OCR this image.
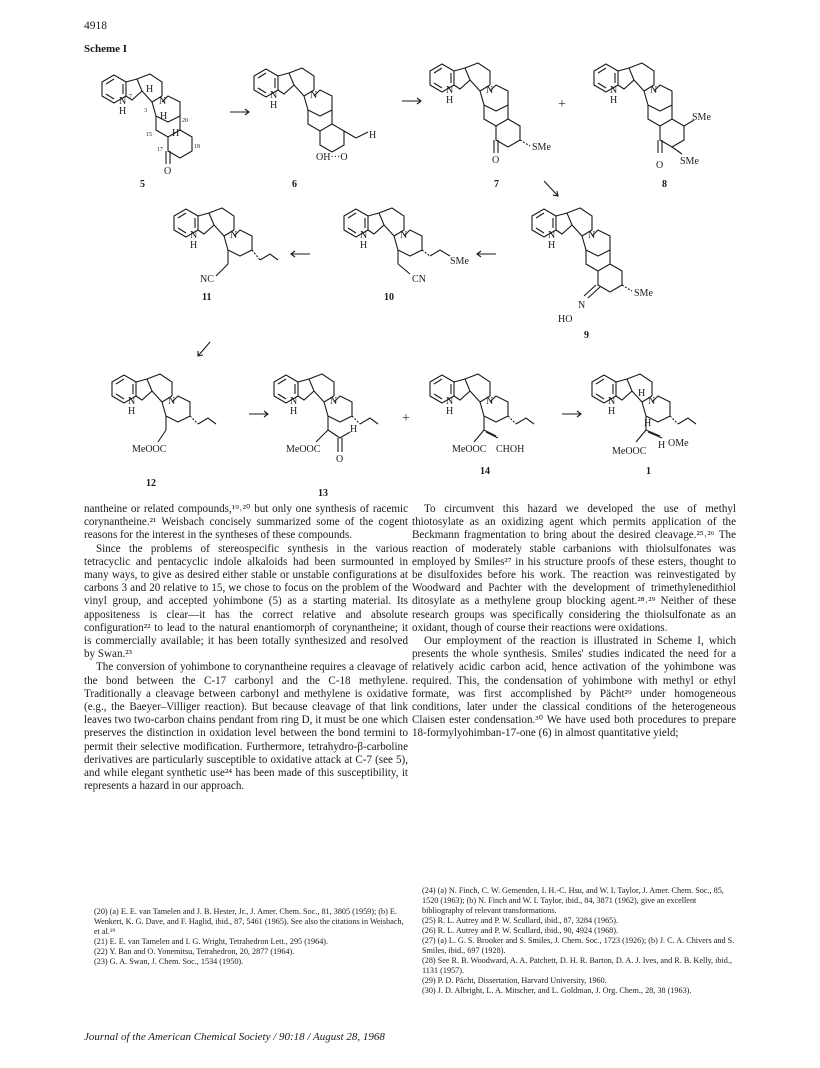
4918
Scheme I
N
H
H
N
H
H
O
7
3
20
15
17	18
5
N
H
N
H
OH···O
6
N
H
N
O
SMe
7
+
N
H
N
SMe
SMe
O
8
N
H
N
NC
11
N
H
N
SMe
CN
10
N
H
N
SMe
N
HO
9
N
H
N
MeOOC
12
N
H
N
H
MeOOC
O
13
+
N
H
N
MeOOC CHOH
14
N
H
H
N
H
H OMe
MeOOC
1

nantheine or related compounds,¹⁹˒²⁰ but only one synthesis of racemic corynantheine.²¹ Weisbach concisely summarized some of the cogent reasons for the interest in the syntheses of these compounds.

Since the problems of stereospecific synthesis in the various tetracyclic and pentacyclic indole alkaloids had been surmounted in many ways, to give as desired either stable or unstable configurations at carbons 3 and 20 relative to 15, we chose to focus on the problem of the vinyl group, and accepted yohimbone (5) as a starting material. Its appositeness is clear—it has the correct relative and absolute configuration²² to lead to the natural enantiomorph of corynantheine; it is commercially available; it has been totally synthesized and resolved by Swan.²³

The conversion of yohimbone to corynantheine requires a cleavage of the bond between the C-17 carbonyl and the C-18 methylene. Traditionally a cleavage between carbonyl and methylene is oxidative (e.g., the Baeyer–Villiger reaction). But because cleavage of that link leaves two two-carbon chains pendant from ring D, it must be one which preserves the distinction in oxidation level between the bond termini to permit their selective modification. Furthermore, tetrahydro-β-carboline derivatives are particularly susceptible to oxidative attack at C-7 (see 5), and while elegant synthetic use²⁴ has been made of this susceptibility, it represents a hazard in our approach.

To circumvent this hazard we developed the use of methyl thiotosylate as an oxidizing agent which permits application of the Beckmann fragmentation to bring about the desired cleavage.²⁵˒²⁶ The reaction of moderately stable carbanions with thiolsulfonates was employed by Smiles²⁷ in his structure proofs of these esters, thought to be disulfoxides before his work. The reaction was reinvestigated by Woodward and Pachter with the development of trimethylenedithiol ditosylate as a methylene group blocking agent.²⁸˒²⁹ Neither of these research groups was specifically considering the thiolsulfonate as an oxidant, though of course their reactions were oxidations.

Our employment of the reaction is illustrated in Scheme I, which presents the whole synthesis. Smiles' studies indicated the need for a relatively acidic carbon acid, hence activation of the yohimbone was required. This, the condensation of yohimbone with methyl or ethyl formate, was first accomplished by Pächt²⁹ under homogeneous conditions, later under the classical conditions of the heterogeneous Claisen ester condensation.³⁰ We have used both procedures to prepare 18-formylyohimban-17-one (6) in almost quantitative yield;

(20) (a) E. E. van Tamelen and J. B. Hester, Jr., J. Amer. Chem. Soc., 81, 3805 (1959); (b) E. Wenkert, K. G. Dave, and F. Haglid, ibid., 87, 5461 (1965). See also the citations in Weisbach, et al.¹⁹
(21) E. E. van Tamelen and I. G. Wright, Tetrahedron Lett., 295 (1964).
(22) Y. Ban and O. Yonemitsu, Tetrahedron, 20, 2877 (1964).
(23) G. A. Swan, J. Chem. Soc., 1534 (1950).
(24) (a) N. Finch, C. W. Gemenden, I. H.-C. Hsu, and W. I. Taylor, J. Amer. Chem. Soc., 85, 1520 (1963); (b) N. Finch and W. I. Taylor, ibid., 84, 3871 (1962), give an excellent bibliography of relevant transformations.
(25) R. L. Autrey and P. W. Scullard, ibid., 87, 3284 (1965).
(26) R. L. Autrey and P. W. Scullard, ibid., 90, 4924 (1968).
(27) (a) L. G. S. Brooker and S. Smiles, J. Chem. Soc., 1723 (1926); (b) J. C. A. Chivers and S. Smiles, ibid., 697 (1928).
(28) See R. B. Woodward, A. A. Patchett, D. H. R. Barton, D. A. J. Ives, and R. B. Kelly, ibid., 1131 (1957).
(29) P. D. Pächt, Dissertation, Harvard University, 1960.
(30) J. D. Albright, L. A. Mitscher, and L. Goldman, J. Org. Chem., 28, 38 (1963).
Journal of the American Chemical Society / 90:18 / August 28, 1968
